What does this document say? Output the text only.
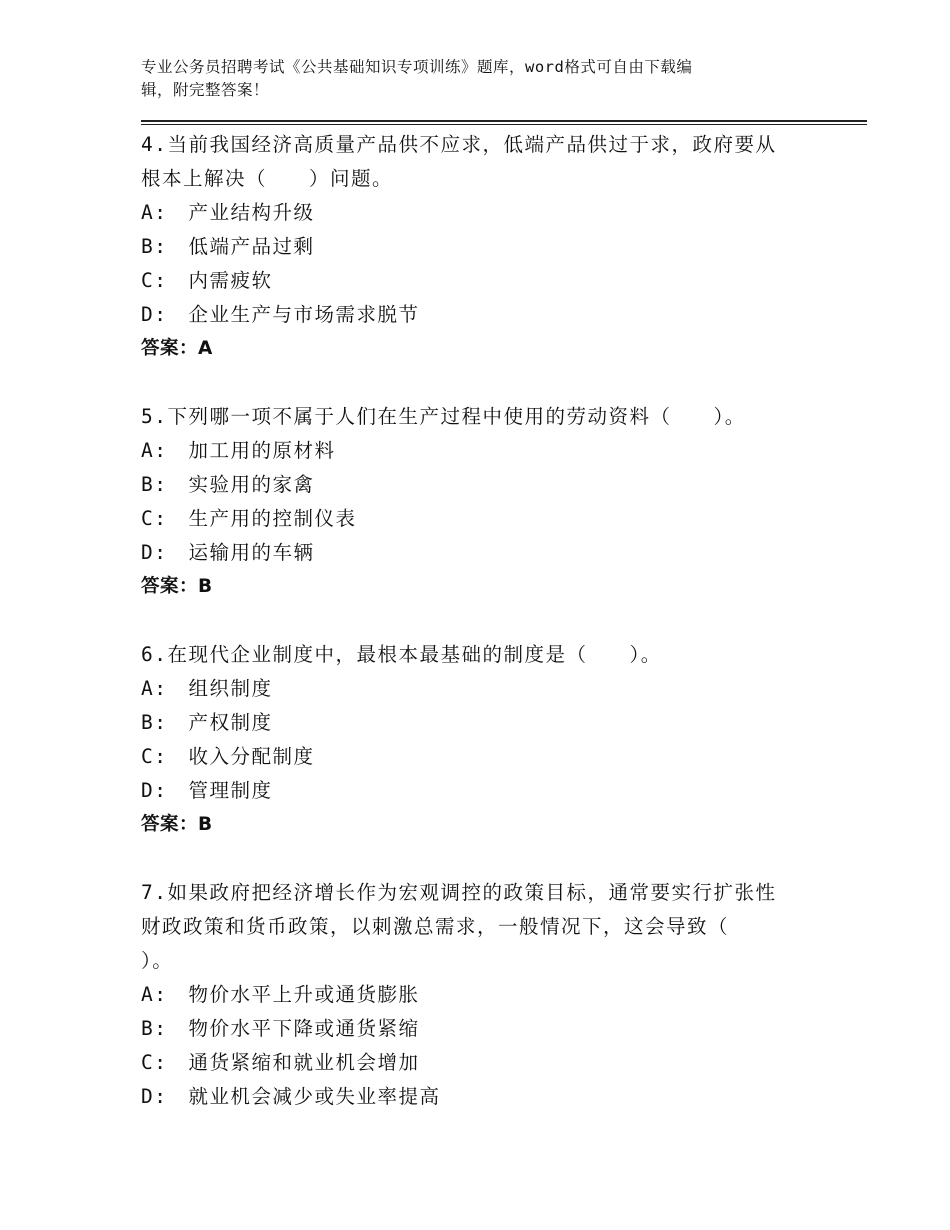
专业公务员招聘考试《公共基础知识专项训练》题库，word格式可自由下载编
辑，附完整答案！
4.当前我国经济高质量产品供不应求，低端产品供过于求，政府要从
根本上解决（　　）问题。
A:　产业结构升级
B:　低端产品过剩
C:　内需疲软
D:　企业生产与市场需求脱节
答案：A
5.下列哪一项不属于人们在生产过程中使用的劳动资料（　　）。
A:　加工用的原材料
B:　实验用的家禽
C:　生产用的控制仪表
D:　运输用的车辆
答案：B
6.在现代企业制度中，最根本最基础的制度是（　　）。
A:　组织制度
B:　产权制度
C:　收入分配制度
D:　管理制度
答案：B
7.如果政府把经济增长作为宏观调控的政策目标，通常要实行扩张性
财政政策和货币政策，以刺激总需求，一般情况下，这会导致（
）。
A:　物价水平上升或通货膨胀
B:　物价水平下降或通货紧缩
C:　通货紧缩和就业机会增加
D:　就业机会减少或失业率提高
